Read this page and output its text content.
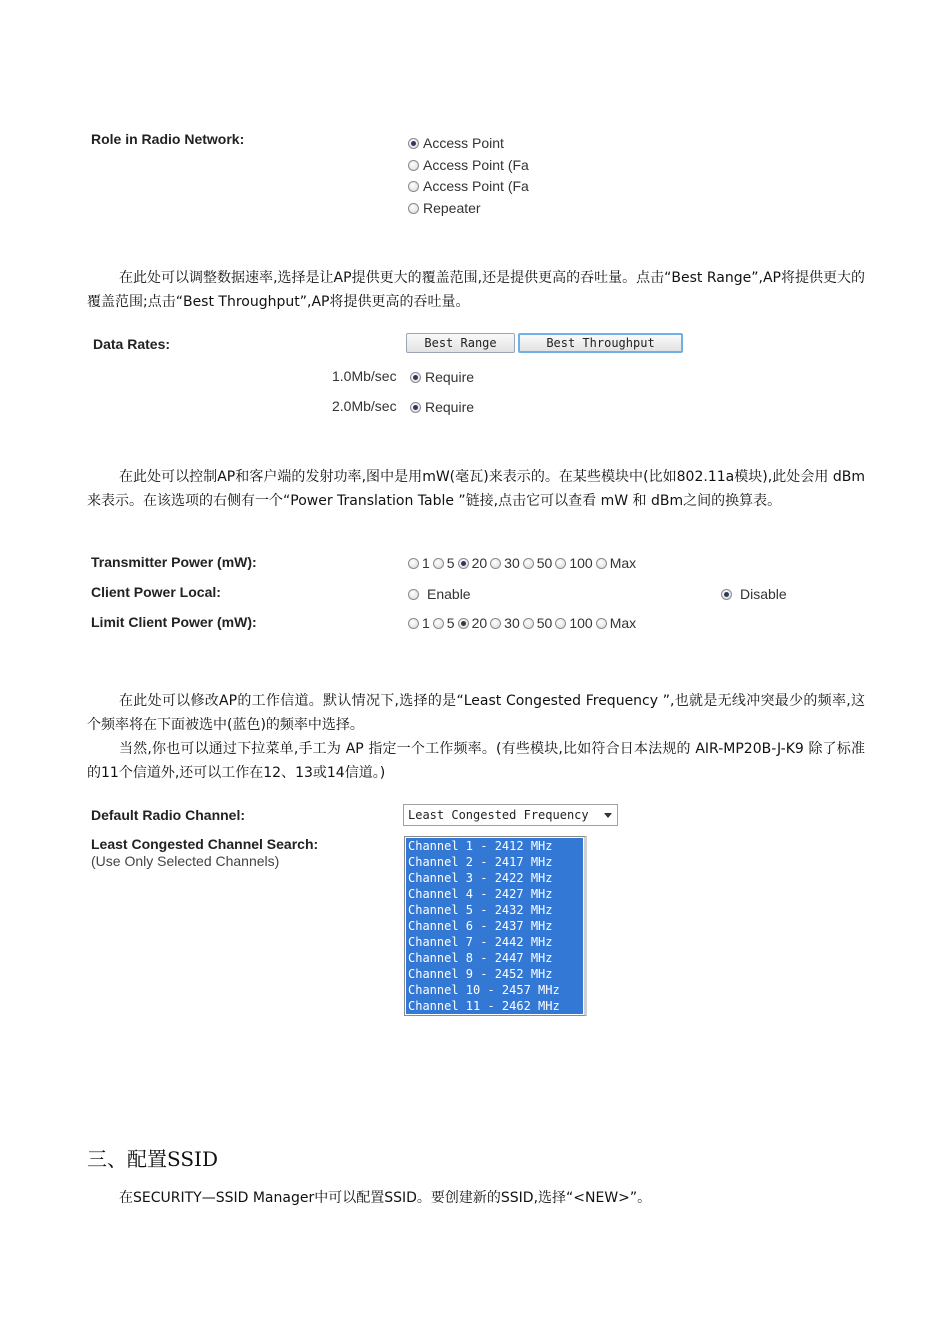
Role in Radio Network:	Access Point
Access Point (Fa
Access Point (Fa
Repeater

在此处可以调整数据速率,选择是让AP提供更大的覆盖范围,还是提供更高的吞吐量。点击“Best Range”,AP将提供更大的覆盖范围;点击“Best Throughput”,AP将提供更高的吞吐量。

Data Rates:	Best Range	Best Throughput
1.0Mb/sec Require
2.0Mb/sec Require

在此处可以控制AP和客户端的发射功率,图中是用mW(毫瓦)来表示的。在某些模块中(比如802.11a模块),此处会用 dBm 来表示。在该选项的右侧有一个“Power Translation Table ”链接,点击它可以查看 mW 和 dBm之间的换算表。

Transmitter Power (mW):	1 5 20 30 50 100 Max
Client Power Local:	Enable	Disable
Limit Client Power (mW):	1 5 20 30 50 100 Max

在此处可以修改AP的工作信道。默认情况下,选择的是“Least Congested Frequency ”,也就是无线冲突最少的频率,这个频率将在下面被选中(蓝色)的频率中选择。

当然,你也可以通过下拉菜单,手工为 AP 指定一个工作频率。(有些模块,比如符合日本法规的 AIR-MP20B-J-K9 除了标准的11个信道外,还可以工作在12、13或14信道。)

Default Radio Channel:	Least Congested Frequency
Least Congested Channel Search:
(Use Only Selected Channels)
Channel 1 - 2412 MHz
Channel 2 - 2417 MHz
Channel 3 - 2422 MHz
Channel 4 - 2427 MHz
Channel 5 - 2432 MHz
Channel 6 - 2437 MHz
Channel 7 - 2442 MHz
Channel 8 - 2447 MHz
Channel 9 - 2452 MHz
Channel 10 - 2457 MHz
Channel 11 - 2462 MHz
三、配置SSID

在SECURITY—SSID Manager中可以配置SSID。要创建新的SSID,选择“<NEW>”。
